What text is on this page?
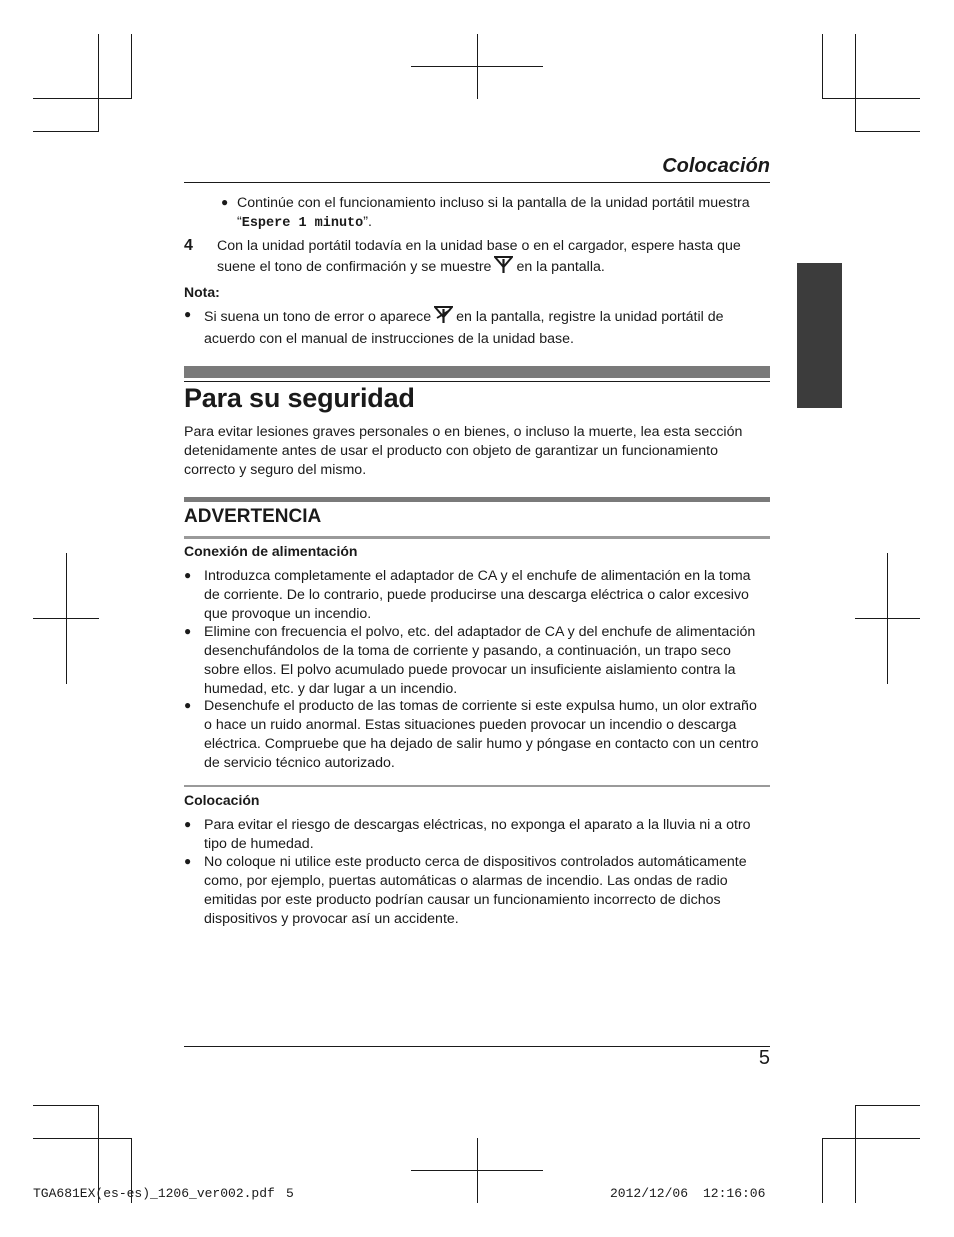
Colocación
● Continúe con el funcionamiento incluso si la pantalla de la unidad portátil muestra
“Espere 1 minuto”.
4 Con la unidad portátil todavía en la unidad base o en el cargador, espere hasta que
suene el tono de confirmación y se muestre en la pantalla.
Nota:
● Si suena un tono de error o aparece en la pantalla, registre la unidad portátil de
acuerdo con el manual de instrucciones de la unidad base.
Para su seguridad
Para evitar lesiones graves personales o en bienes, o incluso la muerte, lea esta sección
detenidamente antes de usar el producto con objeto de garantizar un funcionamiento
correcto y seguro del mismo.
ADVERTENCIA
Conexión de alimentación
● Introduzca completamente el adaptador de CA y el enchufe de alimentación en la toma
de corriente. De lo contrario, puede producirse una descarga eléctrica o calor excesivo
que provoque un incendio.
● Elimine con frecuencia el polvo, etc. del adaptador de CA y del enchufe de alimentación
desenchufándolos de la toma de corriente y pasando, a continuación, un trapo seco
sobre ellos. El polvo acumulado puede provocar un insuficiente aislamiento contra la
humedad, etc. y dar lugar a un incendio.
● Desenchufe el producto de las tomas de corriente si este expulsa humo, un olor extraño
o hace un ruido anormal. Estas situaciones pueden provocar un incendio o descarga
eléctrica. Compruebe que ha dejado de salir humo y póngase en contacto con un centro
de servicio técnico autorizado.
Colocación
● Para evitar el riesgo de descargas eléctricas, no exponga el aparato a la lluvia ni a otro
tipo de humedad.
● No coloque ni utilice este producto cerca de dispositivos controlados automáticamente
como, por ejemplo, puertas automáticas o alarmas de incendio. Las ondas de radio
emitidas por este producto podrían causar un funcionamiento incorrecto de dichos
dispositivos y provocar así un accidente.
5
TGA681EX(es-es)_1206_ver002.pdf 5	2012/12/06 12:16:06
